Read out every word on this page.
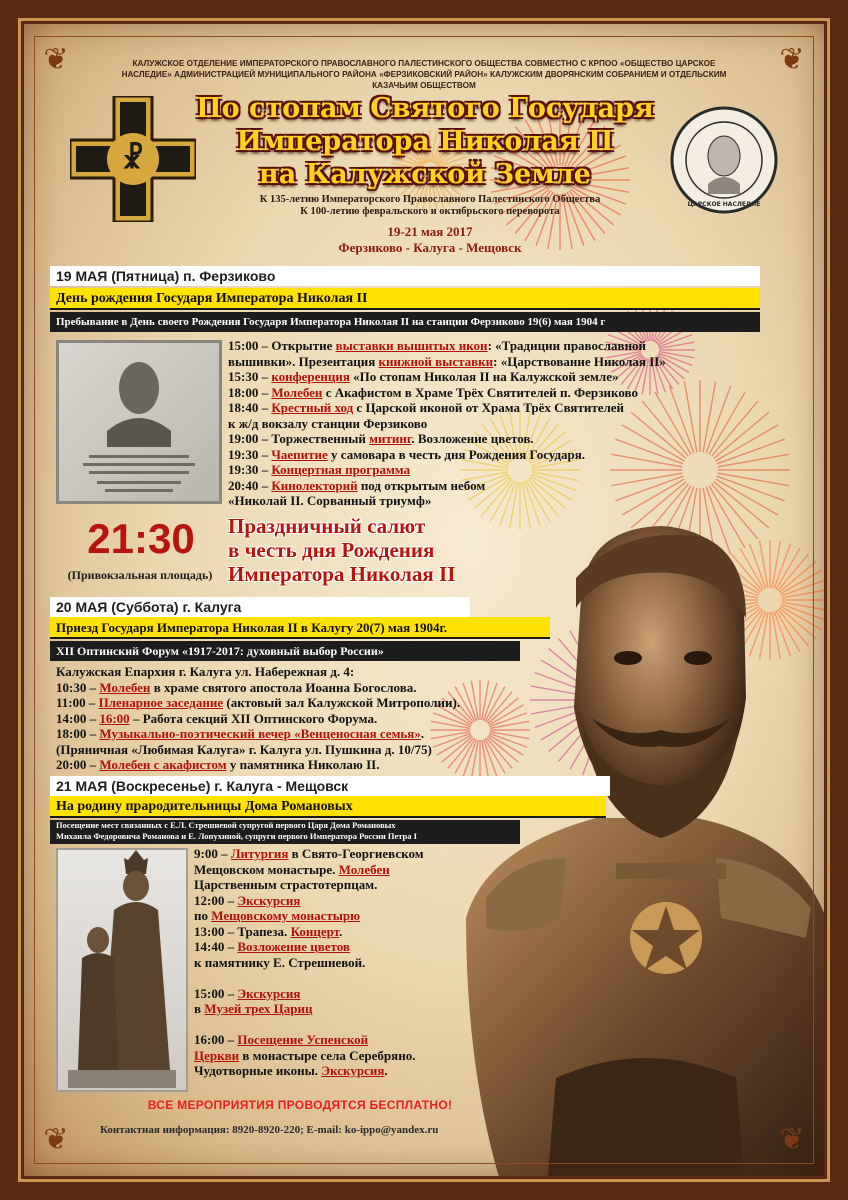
❦	❦
❦	❦
КАЛУЖСКОЕ ОТДЕЛЕНИЕ ИМПЕРАТОРСКОГО ПРАВОСЛАВНОГО ПАЛЕСТИНСКОГО ОБЩЕСТВА СОВМЕСТНО С КРПОО «ОБЩЕСТВО ЦАРСКОЕ НАСЛЕДИЕ» АДМИНИСТРАЦИЕЙ МУНИЦИПАЛЬНОГО РАЙОНА «ФЕРЗИКОВСКИЙ РАЙОН» КАЛУЖСКИМ ДВОРЯНСКИМ СОБРАНИЕМ И ОТДЕЛЬСКИМ КАЗАЧЬИМ ОБЩЕСТВОМ
☧
ЦАРСКОЕ НАСЛЕДИЕ
По стопам Святого Государя
Императора Николая II
на Калужской Земле
К 135-летию Императорского Православного Палестинского Общества
К 100-летию февральского и октябрьского переворота
19-21 мая 2017
Ферзиково - Калуга - Мещовск
19 МАЯ (Пятница) п. Ферзиково
День рождения Государя Императора Николая II
Пребывание в День своего Рождения Государя Императора Николая II на станции Ферзиково 19(6) мая 1904 г
15:00 – Открытие выставки вышитых икон: «Традиции православной
вышивки». Презентация книжной выставки: «Царствование Николая II»
15:30 – конференция «По стопам Николая II на Калужской земле»
18:00 – Молебен с Акафистом в Храме Трёх Святителей п. Ферзиково
18:40 – Крестный ход с Царской иконой от Храма Трёх Святителей
к ж/д вокзалу станции Ферзиково
19:00 – Торжественный митинг. Возложение цветов.
19:30 – Чаепитие у самовара в честь дня Рождения Государя.
19:30 – Концертная программа
20:40 – Кинолекторий под открытым небом
«Николай II. Сорванный триумф»
21:30
(Привокзальная площадь)
Праздничный салют
в честь дня Рождения
Императора Николая II
20 МАЯ (Суббота) г. Калуга
Приезд Государя Императора Николая II в Калугу 20(7) мая 1904г.
XII Оптинский Форум «1917-2017: духовный выбор России»
Калужская Епархия г. Калуга ул. Набережная д. 4:
10:30 – Молебен в храме святого апостола Иоанна Богослова.
11:00 – Пленарное заседание (актовый зал Калужской Митрополии).
14:00 – 16:00 – Работа секций XII Оптинского Форума.
18:00 – Музыкально-поэтический вечер «Венценосная семья».
(Пряничная «Любимая Калуга» г. Калуга ул. Пушкина д. 10/75)
20:00 – Молебен с акафистом у памятника Николаю II.
21 МАЯ (Воскресенье) г. Калуга - Мещовск
На родину прародительницы Дома Романовых
Посещение мест связанных с Е.Л. Стрешневой супругой первого Царя Дома Романовых
Михаила Федоровича Романова и Е. Лопухиной, супруги первого Императора России Петра I
9:00 – Литургия в Свято-Георгиевском
Мещовском монастыре. Молебен
Царственным страстотерпцам.
12:00 – Экскурсия
по Мещовскому монастырю
13:00 – Трапеза. Концерт.
14:40 – Возложение цветов
к памятнику Е. Стрешневой.

15:00 – Экскурсия
в Музей трех Цариц

16:00 – Посещение Успенской
Церкви в монастыре села Серебряно.
Чудотворные иконы. Экскурсия.
ВСЕ МЕРОПРИЯТИЯ ПРОВОДЯТСЯ БЕСПЛАТНО!
Контактная информация: 8920-8920-220; E-mail: ko-ippo@yandex.ru
